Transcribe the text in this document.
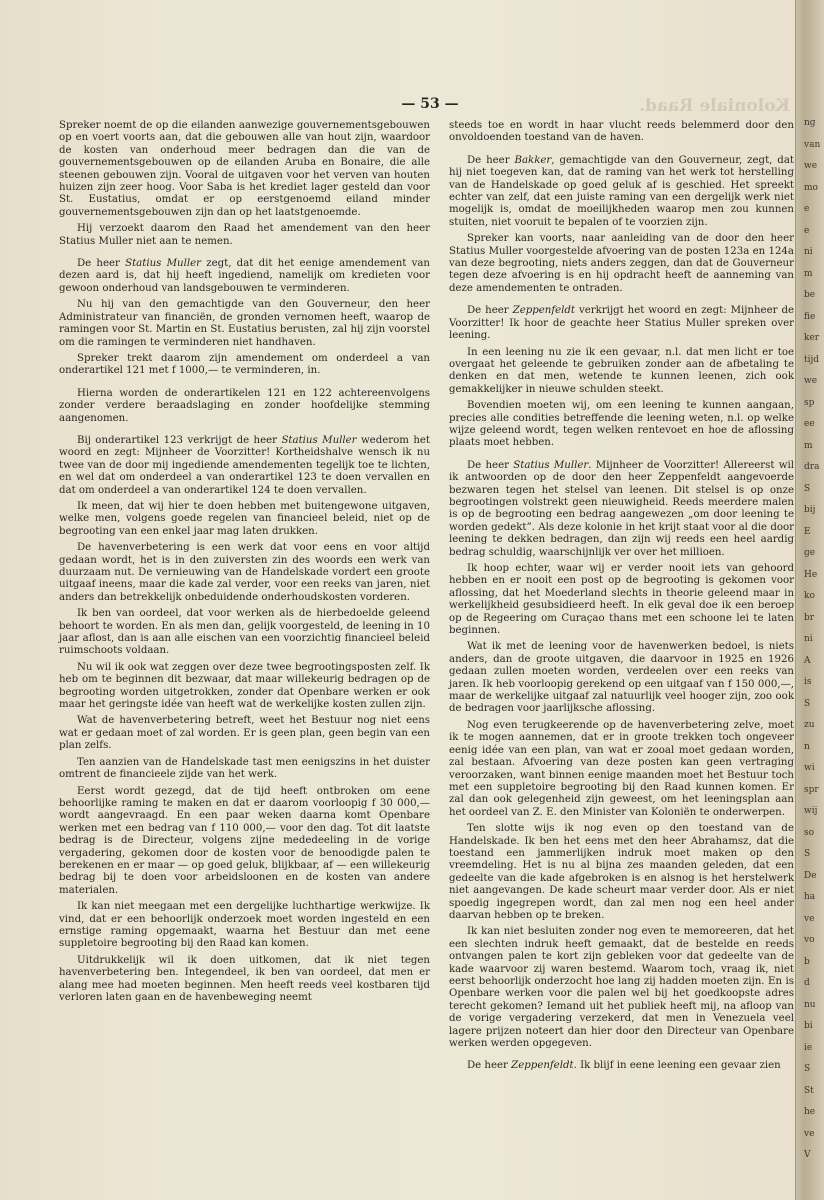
Koloniale Raad.
— 53 —

Spreker noemt de op die eilanden aanwezige gouvernementsgebouwen op en voert voorts aan, dat die gebouwen alle van hout zijn, waardoor de kosten van onderhoud meer bedragen dan die van de gouvernementsgebouwen op de eilanden Aruba en Bonaire, die alle steenen gebouwen zijn. Vooral de uitgaven voor het verven van houten huizen zijn zeer hoog. Voor Saba is het krediet lager gesteld dan voor St. Eustatius, omdat er op eerstgenoemd eiland minder gouvernementsgebouwen zijn dan op het laatstgenoemde.

Hij verzoekt daarom den Raad het amendement van den heer Statius Muller niet aan te nemen.

De heer Statius Muller zegt, dat dit het eenige amendement van dezen aard is, dat hij heeft ingediend, namelijk om kredieten voor gewoon onderhoud van landsgebouwen te verminderen.

Nu hij van den gemachtigde van den Gouverneur, den heer Administrateur van financiën, de gronden vernomen heeft, waarop de ramingen voor St. Martin en St. Eustatius berusten, zal hij zijn voorstel om die ramingen te verminderen niet handhaven.

Spreker trekt daarom zijn amendement om onderdeel a van onderartikel 121 met f 1000,— te verminderen, in.

Hierna worden de onderartikelen 121 en 122 achtereenvolgens zonder verdere beraadslaging en zonder hoofdelijke stemming aangenomen.

Bij onderartikel 123 verkrijgt de heer Statius Muller wederom het woord en zegt: Mijnheer de Voorzitter! Kortheidshalve wensch ik nu twee van de door mij ingediende amendementen tegelijk toe te lichten, en wel dat om onderdeel a van onderartikel 123 te doen vervallen en dat om onderdeel a van onderartikel 124 te doen vervallen.

Ik meen, dat wij hier te doen hebben met buitengewone uitgaven, welke men, volgens goede regelen van financieel beleid, niet op de begrooting van een enkel jaar mag laten drukken.

De havenverbetering is een werk dat voor eens en voor altijd gedaan wordt, het is in den zuiversten zin des woords een werk van duurzaam nut. De vernieuwing van de Handelskade vordert een groote uitgaaf ineens, maar die kade zal verder, voor een reeks van jaren, niet anders dan betrekkelijk onbeduidende onderhoudskosten vorderen.

Ik ben van oordeel, dat voor werken als de hierbedoelde geleend behoort te worden. En als men dan, gelijk voorgesteld, de leening in 10 jaar aflost, dan is aan alle eischen van een voorzichtig financieel beleid ruimschoots voldaan.

Nu wil ik ook wat zeggen over deze twee begrootingsposten zelf. Ik heb om te beginnen dit bezwaar, dat maar willekeurig bedragen op de begrooting worden uitgetrokken, zonder dat Openbare werken er ook maar het geringste idée van heeft wat de werkelijke kosten zullen zijn.

Wat de havenverbetering betreft, weet het Bestuur nog niet eens wat er gedaan moet of zal worden. Er is geen plan, geen begin van een plan zelfs.

Ten aanzien van de Handelskade tast men eenigszins in het duister omtrent de financieele zijde van het werk.

Eerst wordt gezegd, dat de tijd heeft ontbroken om eene behoorlijke raming te maken en dat er daarom voorloopig f 30 000,— wordt aangevraagd. En een paar weken daarna komt Openbare werken met een bedrag van f 110 000,— voor den dag. Tot dit laatste bedrag is de Directeur, volgens zijne mededeeling in de vorige vergadering, gekomen door de kosten voor de benoodigde palen te berekenen en er maar — op goed geluk, blijkbaar, af — een willekeurig bedrag bij te doen voor arbeidsloonen en de kosten van andere materialen.

Ik kan niet meegaan met een dergelijke luchthartige werkwijze. Ik vind, dat er een behoorlijk onderzoek moet worden ingesteld en een ernstige raming opgemaakt, waarna het Bestuur dan met eene suppletoire begrooting bij den Raad kan komen.

Uitdrukkelijk wil ik doen uitkomen, dat ik niet tegen havenverbetering ben. Integendeel, ik ben van oordeel, dat men er alang mee had moeten beginnen. Men heeft reeds veel kostbaren tijd verloren laten gaan en de havenbeweging neemt

steeds toe en wordt in haar vlucht reeds belemmerd door den onvoldoenden toestand van de haven.

De heer Bakker, gemachtigde van den Gouverneur, zegt, dat hij niet toegeven kan, dat de raming van het werk tot herstelling van de Handelskade op goed geluk af is geschied. Het spreekt echter van zelf, dat een juiste raming van een dergelijk werk niet mogelijk is, omdat de moeilijkheden waarop men zou kunnen stuiten, niet vooruit te bepalen of te voorzien zijn.

Spreker kan voorts, naar aanleiding van de door den heer Statius Muller voorgestelde afvoering van de posten 123a en 124a van deze begrooting, niets anders zeggen, dan dat de Gouverneur tegen deze afvoering is en hij opdracht heeft de aanneming van deze amendementen te ontraden.

De heer Zeppenfeldt verkrijgt het woord en zegt: Mijnheer de Voorzitter! Ik hoor de geachte heer Statius Muller spreken over leening.

In een leening nu zie ik een gevaar, n.l. dat men licht er toe overgaat het geleende te gebruiken zonder aan de afbetaling te denken en dat men, wetende te kunnen leenen, zich ook gemakkelijker in nieuwe schulden steekt.

Bovendien moeten wij, om een leening te kunnen aangaan, precies alle condities betreffende die leening weten, n.l. op welke wijze geleend wordt, tegen welken rentevoet en hoe de aflossing plaats moet hebben.

De heer Statius Muller. Mijnheer de Voorzitter! Allereerst wil ik antwoorden op de door den heer Zeppenfeldt aangevoerde bezwaren tegen het stelsel van leenen. Dit stelsel is op onze begrootingen volstrekt geen nieuwigheid. Reeds meerdere malen is op de begrooting een bedrag aangewezen „om door leening te worden gedekt”. Als deze kolonie in het krijt staat voor al die door leening te dekken bedragen, dan zijn wij reeds een heel aardig bedrag schuldig, waarschijnlijk ver over het millioen.

Ik hoop echter, waar wij er verder nooit iets van gehoord hebben en er nooit een post op de begrooting is gekomen voor aflossing, dat het Moederland slechts in theorie geleend maar in werkelijkheid gesubsidieerd heeft. In elk geval doe ik een beroep op de Regeering om Curaçao thans met een schoone lei te laten beginnen.

Wat ik met de leening voor de havenwerken bedoel, is niets anders, dan de groote uitgaven, die daarvoor in 1925 en 1926 gedaan zullen moeten worden, verdeelen over een reeks van jaren. Ik heb voorloopig gerekend op een uitgaaf van f 150 000,—, maar de werkelijke uitgaaf zal natuurlijk veel hooger zijn, zoo ook de bedragen voor jaarlijksche aflossing.

Nog even terugkeerende op de havenverbetering zelve, moet ik te mogen aannemen, dat er in groote trekken toch ongeveer eenig idée van een plan, van wat er zooal moet gedaan worden, zal bestaan. Afvoering van deze posten kan geen vertraging veroorzaken, want binnen eenige maanden moet het Bestuur toch met een suppletoire begrooting bij den Raad kunnen komen. Er zal dan ook gelegenheid zijn geweest, om het leeningsplan aan het oordeel van Z. E. den Minister van Koloniën te onderwerpen.

Ten slotte wijs ik nog even op den toestand van de Handelskade. Ik ben het eens met den heer Abrahamsz, dat die toestand een jammerlijken indruk moet maken op den vreemdeling. Het is nu al bijna zes maanden geleden, dat een gedeelte van die kade afgebroken is en alsnog is het herstelwerk niet aangevangen. De kade scheurt maar verder door. Als er niet spoedig ingegrepen wordt, dan zal men nog een heel ander daarvan hebben op te breken.

Ik kan niet besluiten zonder nog even te memoreeren, dat het een slechten indruk heeft gemaakt, dat de bestelde en reeds ontvangen palen te kort zijn gebleken voor dat gedeelte van de kade waarvoor zij waren bestemd. Waarom toch, vraag ik, niet eerst behoorlijk onderzocht hoe lang zij hadden moeten zijn. En is Openbare werken voor die palen wel bij het goedkoopste adres terecht gekomen? Iemand uit het publiek heeft mij, na afloop van de vorige vergadering verzekerd, dat men in Venezuela veel lagere prijzen noteert dan hier door den Directeur van Openbare werken werden opgegeven.

De heer Zeppenfeldt. Ik blijf in eene leening een gevaar zien

ng
van
we
mo
e
e
ni
m
be
fie
ker
tijd
we
sp
ee
m
dra
S
bij
E
ge
He
ko
br
ni
A
is
S
zu
n
wi
spr
wij
so
S
De
ha
ve
vo
b
d
nu
bi
ie
S
St
he
ve
V
